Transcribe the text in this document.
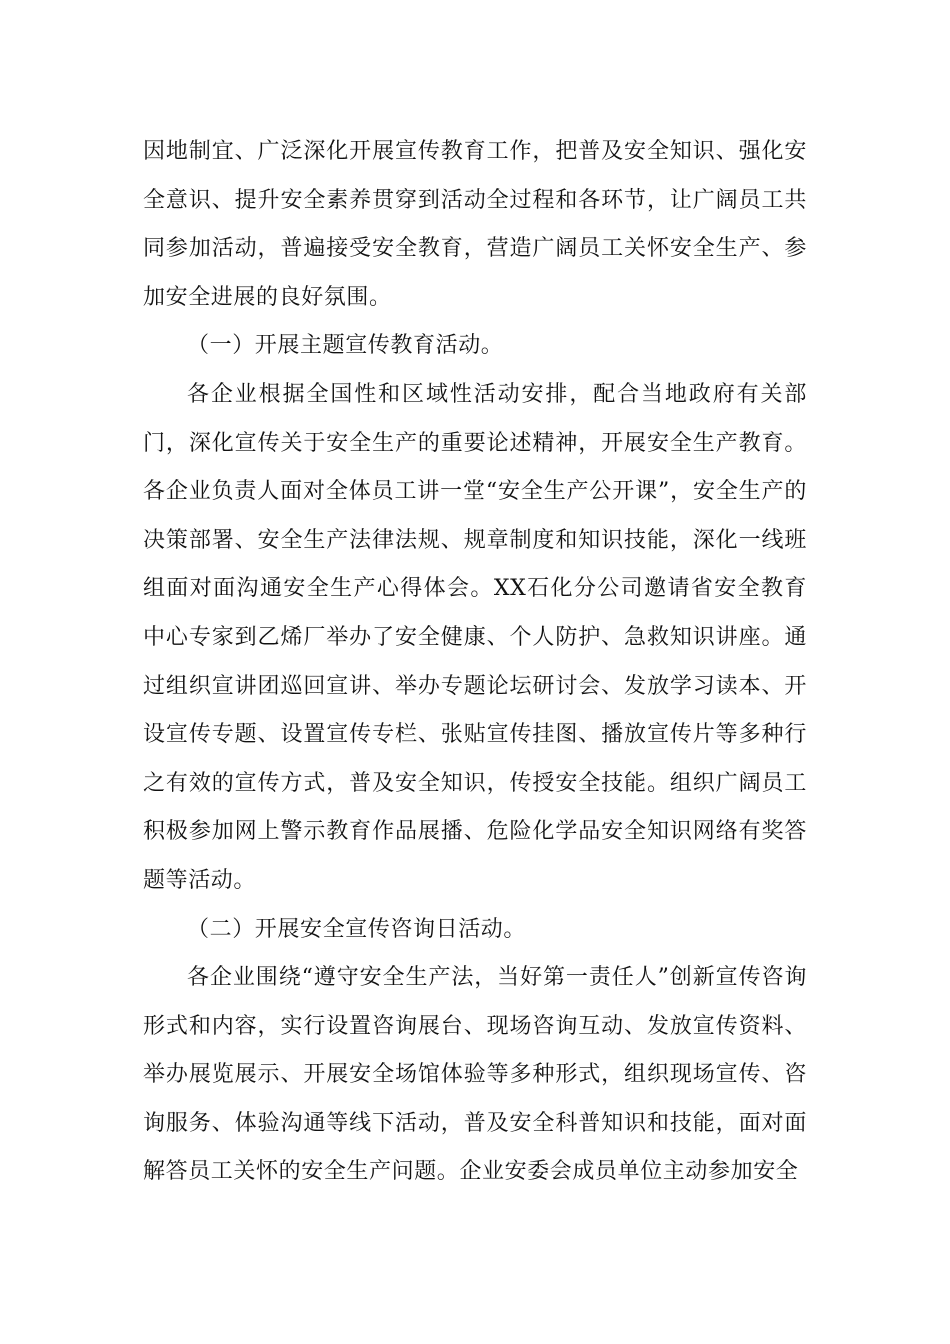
因地制宜、广泛深化开展宣传教育工作，把普及安全知识、强化安全意识、提升安全素养贯穿到活动全过程和各环节，让广阔员工共同参加活动，普遍接受安全教育，营造广阔员工关怀安全生产、参加安全进展的良好氛围。

（一）开展主题宣传教育活动。

各企业根据全国性和区域性活动安排，配合当地政府有关部门，深化宣传关于安全生产的重要论述精神，开展安全生产教育。各企业负责人面对全体员工讲一堂“安全生产公开课”，安全生产的决策部署、安全生产法律法规、规章制度和知识技能，深化一线班组面对面沟通安全生产心得体会。XX石化分公司邀请省安全教育中心专家到乙烯厂举办了安全健康、个人防护、急救知识讲座。通过组织宣讲团巡回宣讲、举办专题论坛研讨会、发放学习读本、开设宣传专题、设置宣传专栏、张贴宣传挂图、播放宣传片等多种行之有效的宣传方式，普及安全知识，传授安全技能。组织广阔员工积极参加网上警示教育作品展播、危险化学品安全知识网络有奖答题等活动。

（二）开展安全宣传咨询日活动。

各企业围绕“遵守安全生产法，当好第一责任人”创新宣传咨询形式和内容，实行设置咨询展台、现场咨询互动、发放宣传资料、举办展览展示、开展安全场馆体验等多种形式，组织现场宣传、咨询服务、体验沟通等线下活动，普及安全科普知识和技能，面对面解答员工关怀的安全生产问题。企业安委会成员单位主动参加安全
